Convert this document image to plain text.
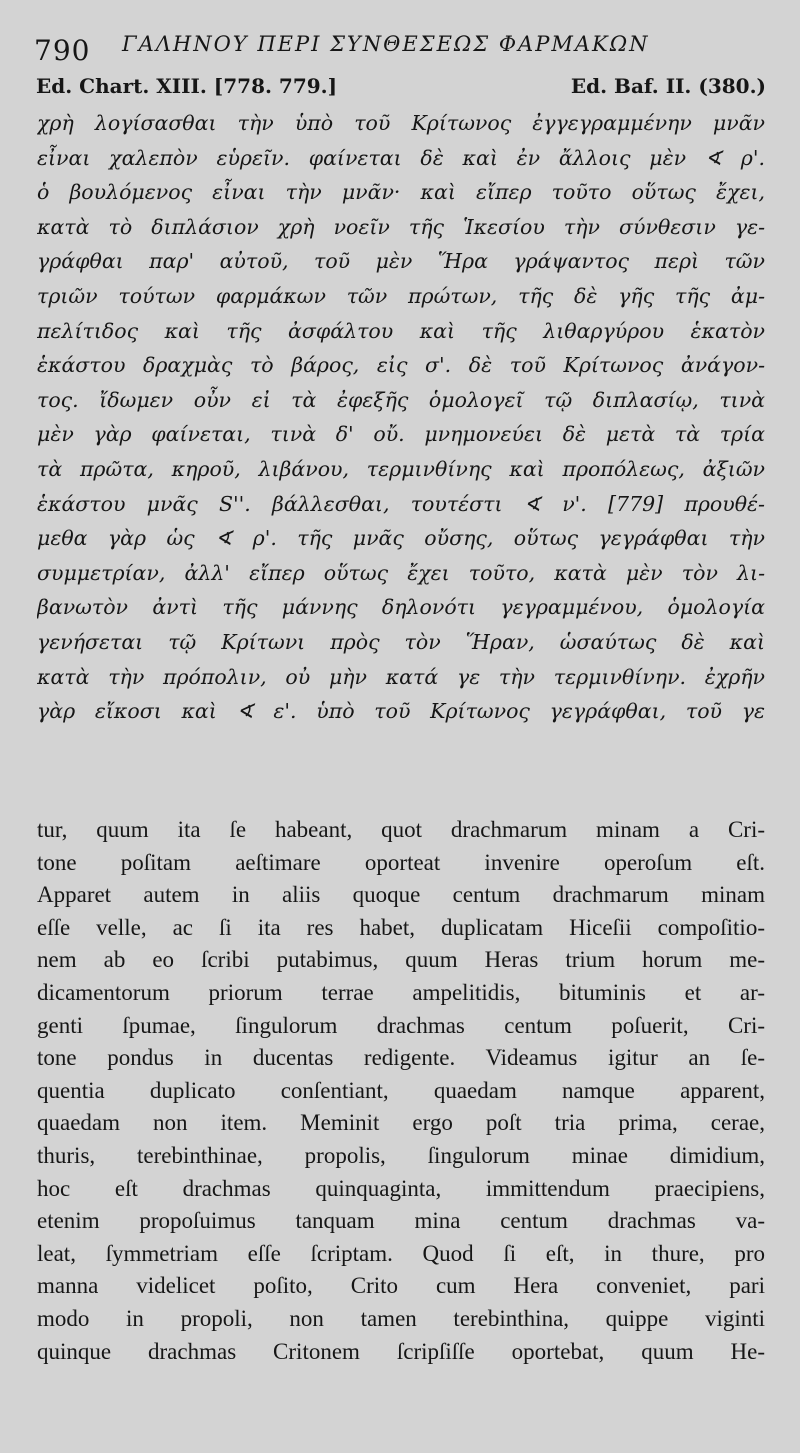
790 ΓΑΛΗΝΟΥ ΠΕΡΙ ΣΥΝΘΕΣΕΩΣ ΦΑΡΜΑΚΩΝ
Ed. Chart. XIII. [778. 779.]	Ed. Baf. II. (380.)
χρὴ λογίσασθαι τὴν ὑπὸ τοῦ Κρίτωνος ἐγγεγραμμένην μνᾶν
εἶναι χαλεπὸν εὑρεῖν. φαίνεται δὲ καὶ ἐν ἄλλοις μὲν ∢ ρ'.
ὁ βουλόμενος εἶναι τὴν μνᾶν· καὶ εἴπερ τοῦτο οὕτως ἔχει,
κατὰ τὸ διπλάσιον χρὴ νοεῖν τῆς Ἱκεσίου τὴν σύνθεσιν γε-
γράφθαι παρ' αὐτοῦ, τοῦ μὲν Ἥρα γράψαντος περὶ τῶν
τριῶν τούτων φαρμάκων τῶν πρώτων, τῆς δὲ γῆς τῆς ἀμ-
πελίτιδος καὶ τῆς ἀσφάλτου καὶ τῆς λιθαργύρου ἑκατὸν
ἑκάστου δραχμὰς τὸ βάρος, εἰς σ'. δὲ τοῦ Κρίτωνος ἀνάγον-
τος. ἴδωμεν οὖν εἰ τὰ ἐφεξῆς ὁμολογεῖ τῷ διπλασίῳ, τινὰ
μὲν γὰρ φαίνεται, τινὰ δ' οὔ. μνημονεύει δὲ μετὰ τὰ τρία
τὰ πρῶτα, κηροῦ, λιβάνου, τερμινθίνης καὶ προπόλεως, ἀξιῶν
ἑκάστου μνᾶς S''. βάλλεσθαι, τουτέστι ∢ ν'. [779] προυθέ-
μεθα γὰρ ὡς ∢ ρ'. τῆς μνᾶς οὔσης, οὕτως γεγράφθαι τὴν
συμμετρίαν, ἀλλ' εἴπερ οὕτως ἔχει τοῦτο, κατὰ μὲν τὸν λι-
βανωτὸν ἀντὶ τῆς μάννης δηλονότι γεγραμμένου, ὁμολογία
γενήσεται τῷ Κρίτωνι πρὸς τὸν Ἥραν, ὡσαύτως δὲ καὶ
κατὰ τὴν πρόπολιν, οὐ μὴν κατά γε τὴν τερμινθίνην. ἐχρῆν
γὰρ εἴκοσι καὶ ∢ ε'. ὑπὸ τοῦ Κρίτωνος γεγράφθαι, τοῦ γε
tur, quum ita ſe habeant, quot drachmarum minam a Cri-
tone poſitam aeſtimare oporteat invenire operoſum eſt.
Apparet autem in aliis quoque centum drachmarum minam
eſſe velle, ac ſi ita res habet, duplicatam Hiceſii compoſitio-
nem ab eo ſcribi putabimus, quum Heras trium horum me-
dicamentorum priorum terrae ampelitidis, bituminis et ar-
genti ſpumae, ſingulorum drachmas centum poſuerit, Cri-
tone pondus in ducentas redigente. Videamus igitur an ſe-
quentia duplicato conſentiant, quaedam namque apparent,
quaedam non item. Meminit ergo poſt tria prima, cerae,
thuris, terebinthinae, propolis, ſingulorum minae dimidium,
hoc eſt drachmas quinquaginta, immittendum praecipiens,
etenim propoſuimus tanquam mina centum drachmas va-
leat, ſymmetriam eſſe ſcriptam. Quod ſi eſt, in thure, pro
manna videlicet poſito, Crito cum Hera conveniet, pari
modo in propoli, non tamen terebinthina, quippe viginti
quinque drachmas Critonem ſcripſiſſe oportebat, quum He-
